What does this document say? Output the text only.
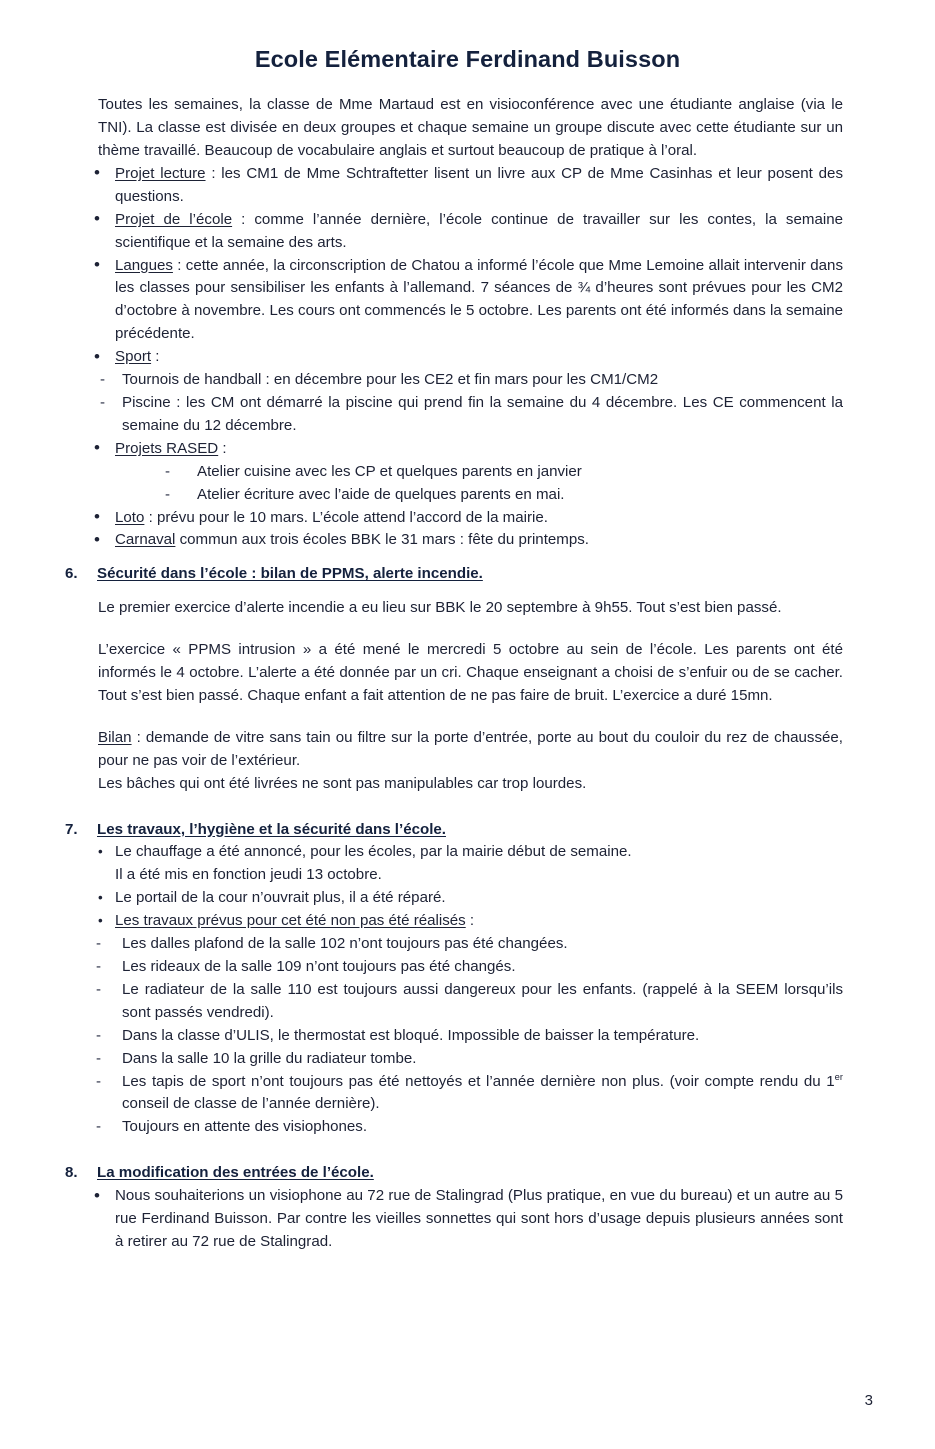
Ecole Elémentaire Ferdinand Buisson

Toutes les semaines, la classe de Mme Martaud est en visioconférence avec une étudiante anglaise (via le TNI). La classe est divisée en deux groupes et chaque semaine un groupe discute avec cette étudiante sur un thème travaillé. Beaucoup de vocabulaire anglais et surtout beaucoup de pratique à l’oral.

• Projet lecture : les CM1 de Mme Schtraftetter lisent un livre aux CP de Mme Casinhas et leur posent des questions.
• Projet de l’école : comme l’année dernière, l’école continue de travailler sur les contes, la semaine scientifique et la semaine des arts.
• Langues : cette année, la circonscription de Chatou a informé l’école que Mme Lemoine allait intervenir dans les classes pour sensibiliser les enfants à l’allemand. 7 séances de ¾ d’heures sont prévues pour les CM2 d’octobre à novembre. Les cours ont commencés le 5 octobre. Les parents ont été informés dans la semaine précédente.
• Sport :
- Tournois de handball : en décembre pour les CE2 et fin mars pour les CM1/CM2
- Piscine : les CM ont démarré la piscine qui prend fin la semaine du 4 décembre. Les CE commencent la semaine du 12 décembre.
• Projets RASED :
- Atelier cuisine avec les CP et quelques parents en janvier
- Atelier écriture avec l’aide de quelques parents en mai.
• Loto : prévu pour le 10 mars. L’école attend l’accord de la mairie.
• Carnaval commun aux trois écoles BBK le 31 mars : fête du printemps.
6. Sécurité dans l’école : bilan de PPMS, alerte incendie.

Le premier exercice d’alerte incendie a eu lieu sur BBK le 20 septembre à 9h55. Tout s’est bien passé.

L’exercice « PPMS intrusion » a été mené le mercredi 5 octobre au sein de l’école. Les parents ont été informés le 4 octobre. L’alerte a été donnée par un cri. Chaque enseignant a choisi de s’enfuir ou de se cacher. Tout s’est bien passé. Chaque enfant a fait attention de ne pas faire de bruit. L’exercice a duré 15mn.

Bilan : demande de vitre sans tain ou filtre sur la porte d’entrée, porte au bout du couloir du rez de chaussée, pour ne pas voir de l’extérieur.

Les bâches qui ont été livrées ne sont pas manipulables car trop lourdes.

7. Les travaux, l’hygiène et la sécurité dans l’école.
• Le chauffage a été annoncé, pour les écoles, par la mairie début de semaine.
Il a été mis en fonction jeudi 13 octobre.
• Le portail de la cour n’ouvrait plus, il a été réparé.
• Les travaux prévus pour cet été non pas été réalisés :
- Les dalles plafond de la salle 102 n’ont toujours pas été changées.
- Les rideaux de la salle 109 n’ont toujours pas été changés.
- Le radiateur de la salle 110 est toujours aussi dangereux pour les enfants. (rappelé à la SEEM lorsqu’ils sont passés vendredi).
- Dans la classe d’ULIS, le thermostat est bloqué. Impossible de baisser la température.
- Dans la salle 10 la grille du radiateur tombe.
- Les tapis de sport n’ont toujours pas été nettoyés et l’année dernière non plus. (voir compte rendu du 1er conseil de classe de l’année dernière).
- Toujours en attente des visiophones.
8. La modification des entrées de l’école.
• Nous souhaiterions un visiophone au 72 rue de Stalingrad (Plus pratique, en vue du bureau) et un autre au 5 rue Ferdinand Buisson. Par contre les vieilles sonnettes qui sont hors d’usage depuis plusieurs années sont à retirer au 72 rue de Stalingrad.
3
